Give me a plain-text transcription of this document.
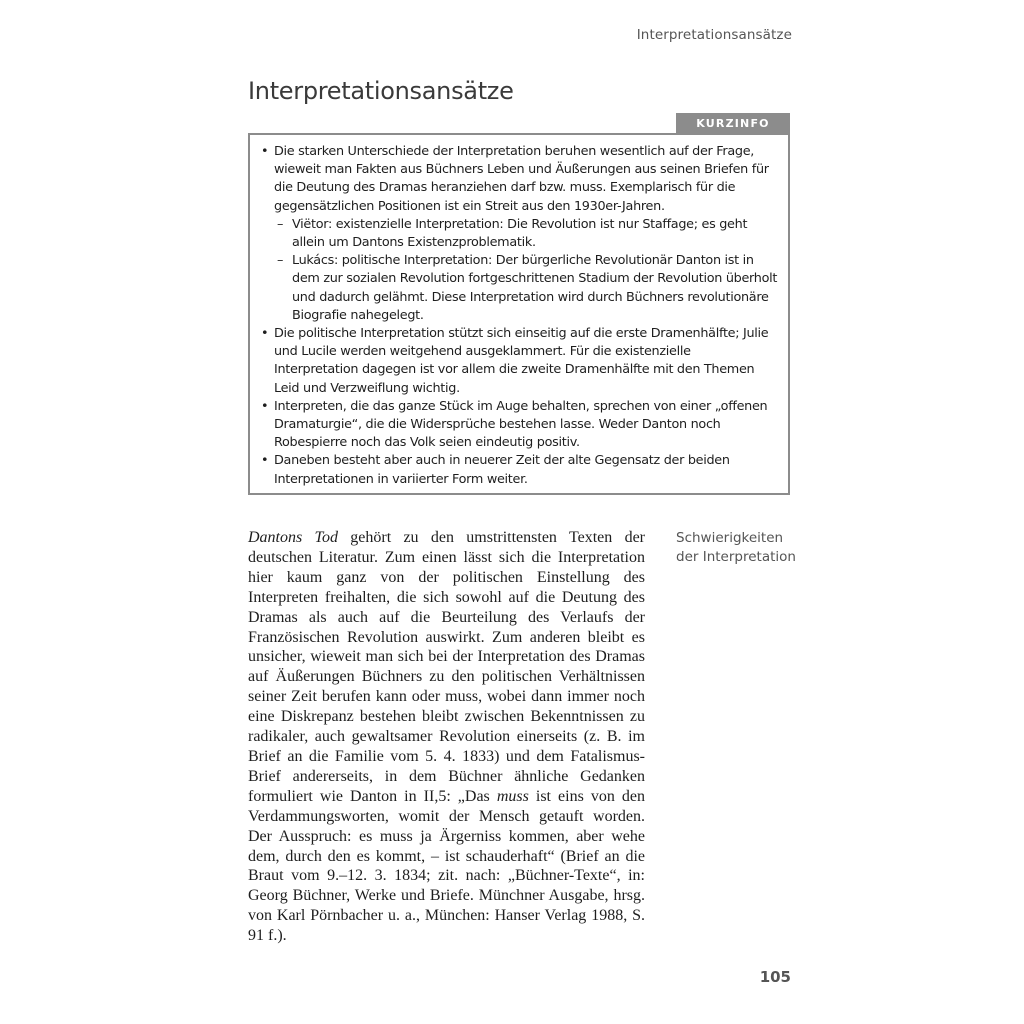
Interpretationsansätze
Interpretationsansätze
KURZINFO
• Die starken Unterschiede der Interpretation beruhen wesentlich auf der Frage, wieweit man Fakten aus Büchners Leben und Äußerungen aus seinen Briefen für die Deutung des Dramas heranziehen darf bzw. muss. Exemplarisch für die gegensätzlichen Positionen ist ein Streit aus den 1930er-Jahren.
– Viëtor: existenzielle Interpretation: Die Revolution ist nur Staffage; es geht allein um Dantons Existenzproblematik.
– Lukács: politische Interpretation: Der bürgerliche Revolutionär Danton ist in dem zur sozialen Revolution fortgeschrittenen Stadium der Revolution überholt und dadurch gelähmt. Diese Interpretation wird durch Büchners revolutionäre Biografie nahegelegt.
• Die politische Interpretation stützt sich einseitig auf die erste Dramenhälfte; Julie und Lucile werden weitgehend ausgeklammert. Für die existenzielle Interpretation dagegen ist vor allem die zweite Dramenhälfte mit den Themen Leid und Verzweiflung wichtig.
• Interpreten, die das ganze Stück im Auge behalten, sprechen von einer „offenen Dramaturgie“, die die Widersprüche bestehen lasse. Weder Danton noch Robespierre noch das Volk seien eindeutig positiv.
• Daneben besteht aber auch in neuerer Zeit der alte Gegensatz der beiden Interpretationen in variierter Form weiter.

Dantons Tod gehört zu den umstrittensten Texten der deutschen Literatur. Zum einen lässt sich die Interpretation hier kaum ganz von der politischen Einstellung des Interpreten freihalten, die sich sowohl auf die Deutung des Dramas als auch auf die Beurteilung des Verlaufs der Französischen Revolution auswirkt. Zum anderen bleibt es unsicher, wieweit man sich bei der Interpretation des Dramas auf Äußerungen Büchners zu den politischen Verhältnissen seiner Zeit berufen kann oder muss, wobei dann immer noch eine Diskrepanz bestehen bleibt zwischen Bekenntnissen zu radikaler, auch gewaltsamer Revolution einerseits (z. B. im Brief an die Familie vom 5. 4. 1833) und dem Fatalismus-Brief andererseits, in dem Büchner ähnliche Gedanken formuliert wie Danton in II,5: „Das muss ist eins von den Verdammungsworten, womit der Mensch getauft worden. Der Ausspruch: es muss ja Ärgerniss kommen, aber wehe dem, durch den es kommt, – ist schauderhaft“ (Brief an die Braut vom 9.–12. 3. 1834; zit. nach: „Büchner-Texte“, in: Georg Büchner, Werke und Briefe. Münchner Ausgabe, hrsg. von Karl Pörnbacher u. a., München: Hanser Verlag 1988, S. 91 f.).

Schwierigkeiten
der Interpretation
105
